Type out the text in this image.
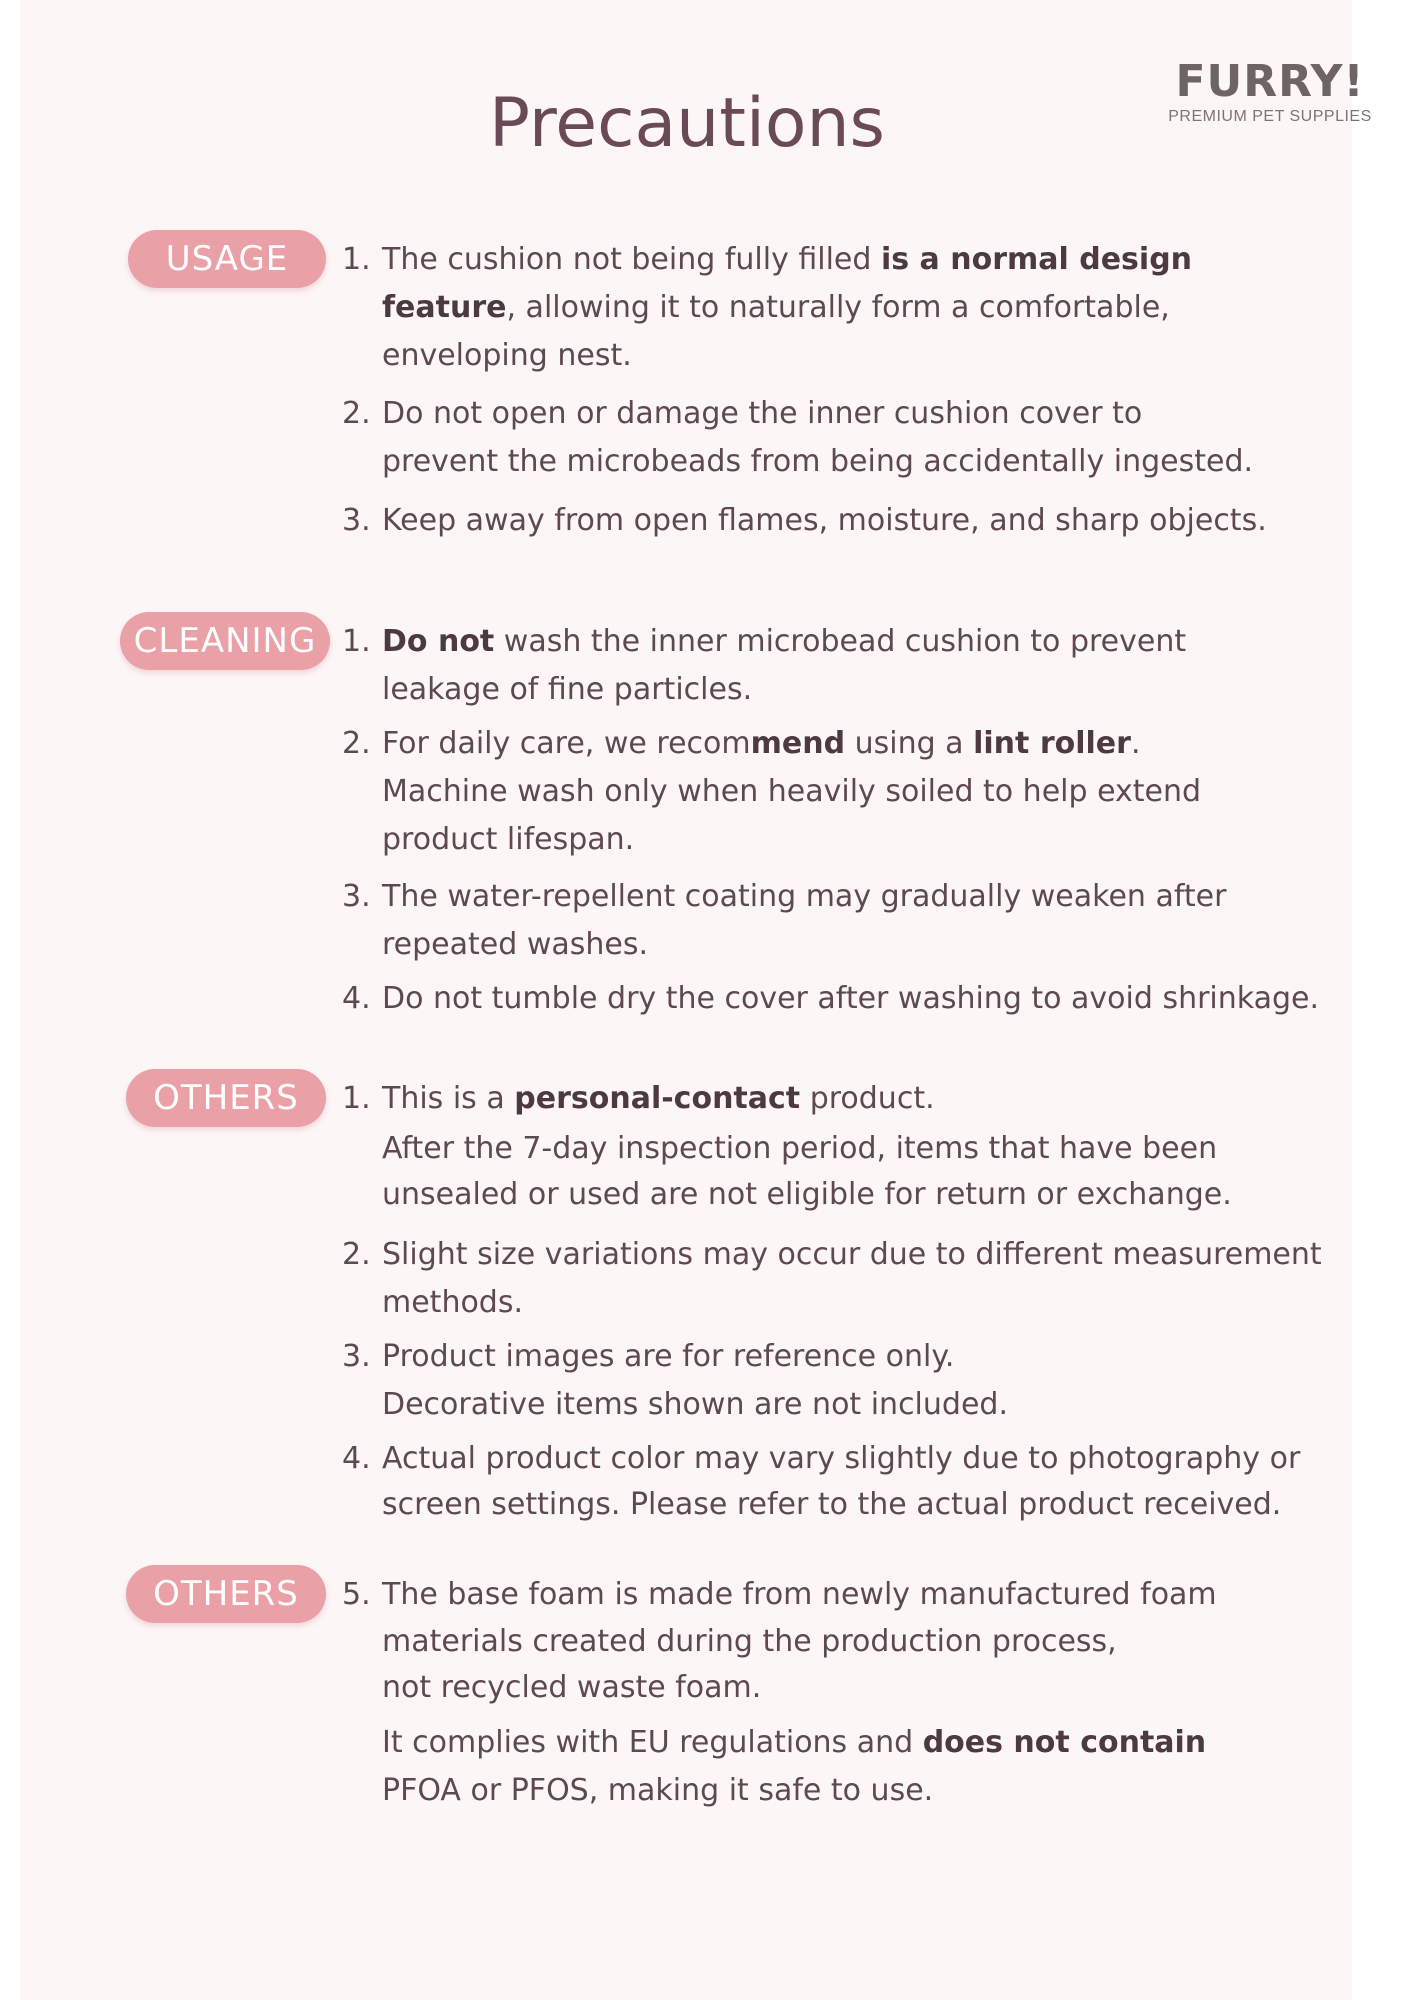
FURRY!
PREMIUM PET SUPPLIES
Precautions
USAGE	1. The cushion not being fully filled is a normal design
feature, allowing it to naturally form a comfortable,
enveloping nest.
2. Do not open or damage the inner cushion cover to
prevent the microbeads from being accidentally ingested.
3. Keep away from open flames, moisture, and sharp objects.
CLEANING 1. Do not wash the inner microbead cushion to prevent
leakage of fine particles.
2. For daily care, we recommend using a lint roller.
Machine wash only when heavily soiled to help extend
product lifespan.
3. The water-repellent coating may gradually weaken after
repeated washes.
4. Do not tumble dry the cover after washing to avoid shrinkage.
OTHERS	1. This is a personal-contact product.
After the 7-day inspection period, items that have been
unsealed or used are not eligible for return or exchange.
2. Slight size variations may occur due to different measurement
methods.
3. Product images are for reference only.
Decorative items shown are not included.
4. Actual product color may vary slightly due to photography or
screen settings. Please refer to the actual product received.
OTHERS	5. The base foam is made from newly manufactured foam
materials created during the production process,
not recycled waste foam.
It complies with EU regulations and does not contain
PFOA or PFOS, making it safe to use.
